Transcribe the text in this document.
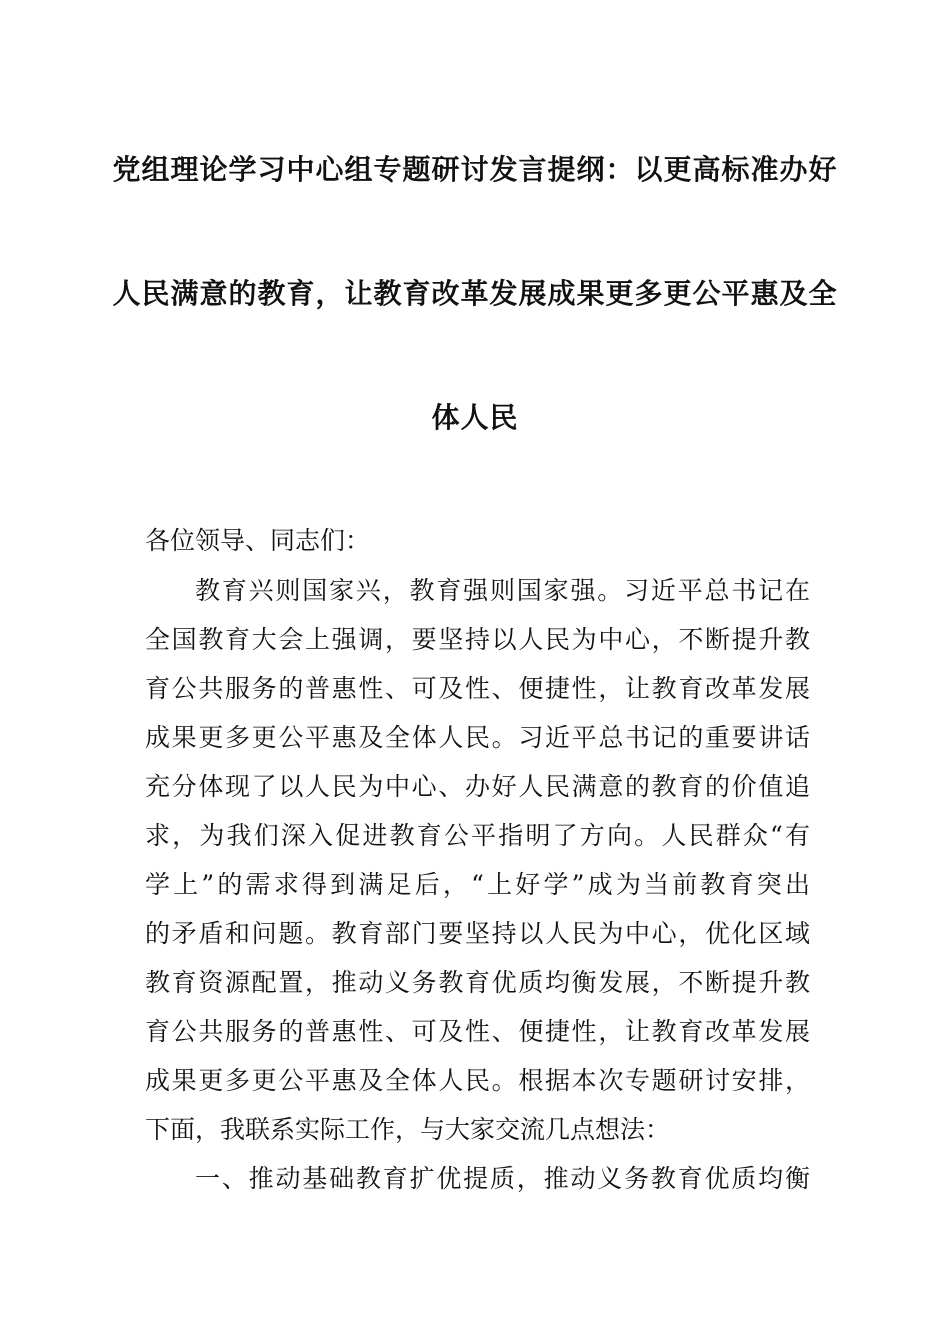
党组理论学习中心组专题研讨发言提纲：以更高标准办好
人民满意的教育，让教育改革发展成果更多更公平惠及全
体人民
各位领导、同志们：
教育兴则国家兴，教育强则国家强。习近平总书记在
全国教育大会上强调，要坚持以人民为中心，不断提升教
育公共服务的普惠性、可及性、便捷性，让教育改革发展
成果更多更公平惠及全体人民。习近平总书记的重要讲话
充分体现了以人民为中心、办好人民满意的教育的价值追
求，为我们深入促进教育公平指明了方向。人民群众“有
学上”的需求得到满足后，“上好学”成为当前教育突出
的矛盾和问题。教育部门要坚持以人民为中心，优化区域
教育资源配置，推动义务教育优质均衡发展，不断提升教
育公共服务的普惠性、可及性、便捷性，让教育改革发展
成果更多更公平惠及全体人民。根据本次专题研讨安排，
下面，我联系实际工作，与大家交流几点想法：
一、推动基础教育扩优提质，推动义务教育优质均衡
